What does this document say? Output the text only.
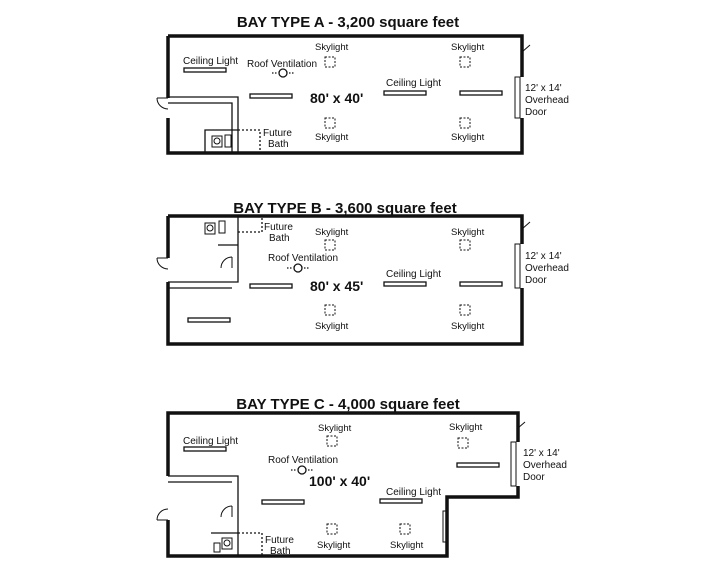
BAY TYPE A - 3,200 square feet
Ceiling Light Roof Ventilation
Ceiling Light
Skylight	Skylight
Skylight	Skylight
80' x 40'
Future
Bath
12' x 14'
Overhead
Door
BAY TYPE B - 3,600 square feet
Roof Ventilation
Ceiling Light
Skylight	Skylight
Skylight	Skylight
80' x 45'
Future
Bath
12' x 14'
Overhead
Door
BAY TYPE C - 4,000 square feet
Ceiling Light
Roof Ventilation
Ceiling Light
Skylight	Skylight
Skylight	Skylight
100' x 40'
Future
Bath
12' x 14'
Overhead
Door
